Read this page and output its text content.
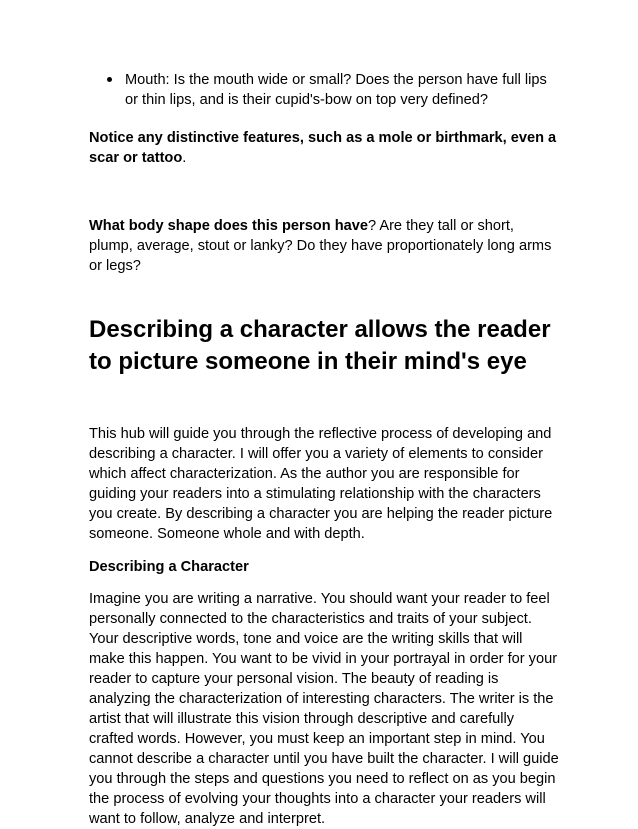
Mouth: Is the mouth wide or small? Does the person have full lips or thin lips, and is their cupid's-bow on top very defined?

Notice any distinctive features, such as a mole or birthmark, even a scar or tattoo.

What body shape does this person have? Are they tall or short, plump, average, stout or lanky? Do they have proportionately long arms or legs?

Describing a character allows the reader to picture someone in their mind's eye

This hub will guide you through the reflective process of developing and describing a character. I will offer you a variety of elements to consider which affect characterization. As the author you are responsible for guiding your readers into a stimulating relationship with the characters you create. By describing a character you are helping the reader picture someone. Someone whole and with depth.

Describing a Character

Imagine you are writing a narrative. You should want your reader to feel personally connected to the characteristics and traits of your subject. Your descriptive words, tone and voice are the writing skills that will make this happen. You want to be vivid in your portrayal in order for your reader to capture your personal vision. The beauty of reading is analyzing the characterization of interesting characters. The writer is the artist that will illustrate this vision through descriptive and carefully crafted words. However, you must keep an important step in mind. You cannot describe a character until you have built the character. I will guide you through the steps and questions you need to reflect on as you begin the process of evolving your thoughts into a character your readers will want to follow, analyze and interpret.
